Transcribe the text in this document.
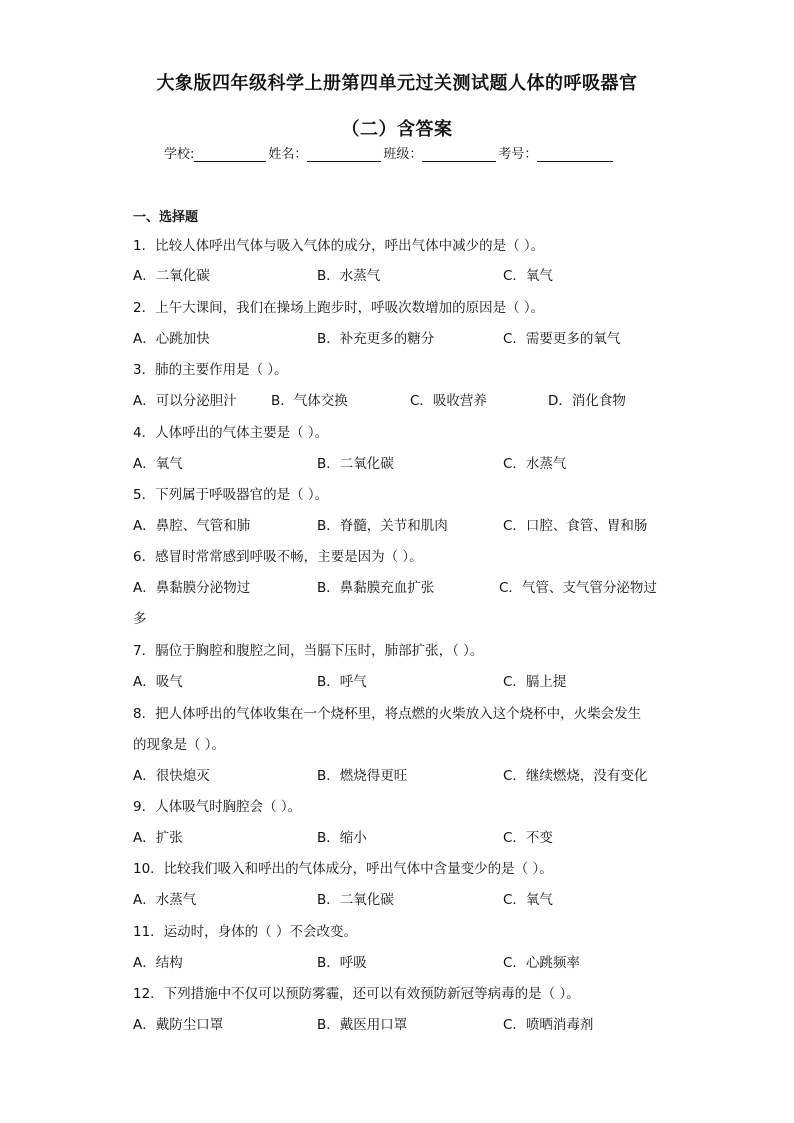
大象版四年级科学上册第四单元过关测试题人体的呼吸器官
（二）含答案
学校:	姓名：	班级：	考号：
一、选择题
1．比较人体呼出气体与吸入气体的成分，呼出气体中减少的是（ ）。
A．二氧化碳	B．水蒸气	C．氧气
2．上午大课间，我们在操场上跑步时，呼吸次数增加的原因是（ ）。
A．心跳加快	B．补充更多的糖分	C．需要更多的氧气
3．肺的主要作用是（ ）。
A．可以分泌胆汁	B．气体交换	C．吸收营养	D．消化食物
4．人体呼出的气体主要是（ ）。
A．氧气	B．二氧化碳	C．水蒸气
5．下列属于呼吸器官的是（ ）。
A．鼻腔、气管和肺	B．脊髓，关节和肌肉	C．口腔、食管、胃和肠
6．感冒时常常感到呼吸不畅，主要是因为（ ）。
A．鼻黏膜分泌物过	B．鼻黏膜充血扩张	C．气管、支气管分泌物过
多
7．膈位于胸腔和腹腔之间，当膈下压时，肺部扩张，（ ）。
A．吸气	B．呼气	C．膈上提
8．把人体呼出的气体收集在一个烧杯里，将点燃的火柴放入这个烧杯中，火柴会发生
的现象是（ ）。
A．很快熄灭	B．燃烧得更旺	C．继续燃烧，没有变化
9．人体吸气时胸腔会（ ）。
A．扩张	B．缩小	C．不变
10．比较我们吸入和呼出的气体成分，呼出气体中含量变少的是（ ）。
A．水蒸气	B．二氧化碳	C．氧气
11．运动时，身体的（ ）不会改变。
A．结构	B．呼吸	C．心跳频率
12．下列措施中不仅可以预防雾霾，还可以有效预防新冠等病毒的是（ ）。
A．戴防尘口罩	B．戴医用口罩	C．喷晒消毒剂
